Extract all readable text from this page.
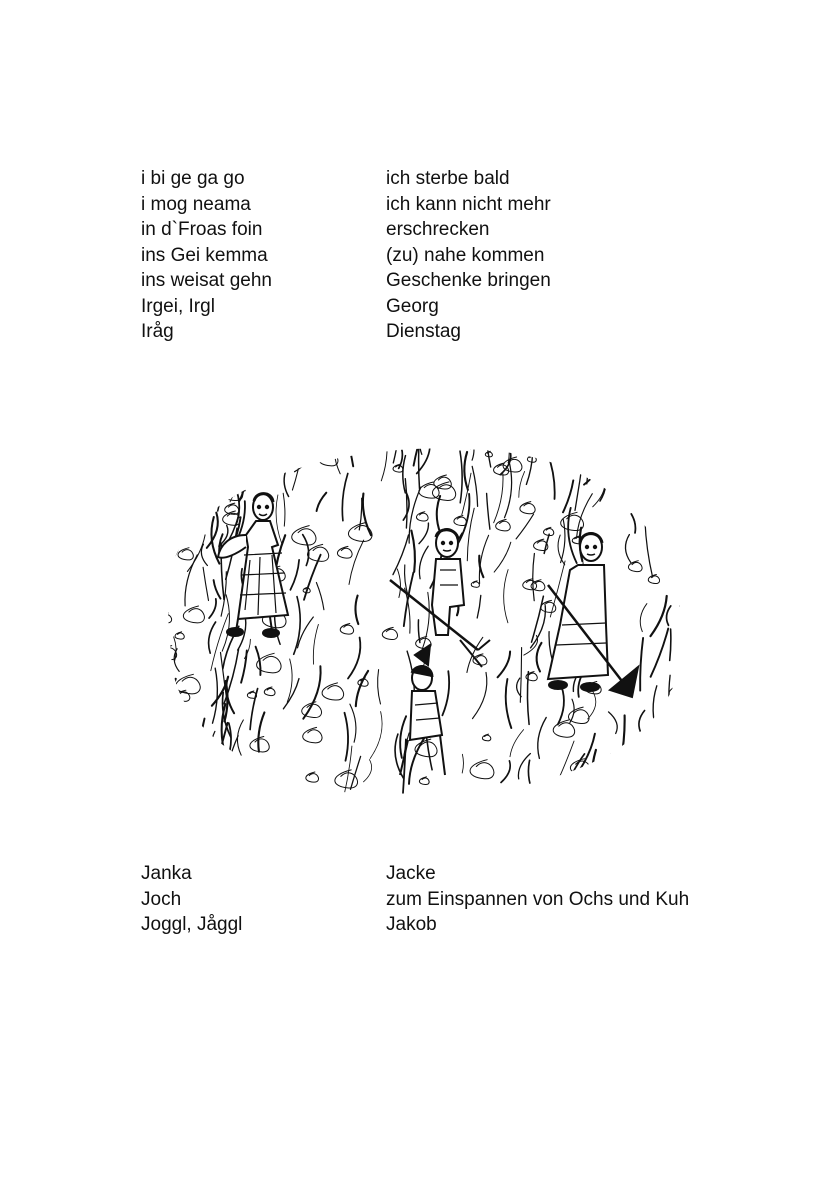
i bi ge ga go	ich sterbe bald
i mog neama	ich kann nicht mehr
in d`Froas foin	erschrecken
ins Gei kemma	(zu) nahe kommen
ins weisat gehn	Geschenke bringen
Irgei, Irgl	Georg
Iråg	Dienstag
Janka	Jacke
Joch	zum Einspannen von Ochs und Kuh
Joggl, Jåggl	Jakob
